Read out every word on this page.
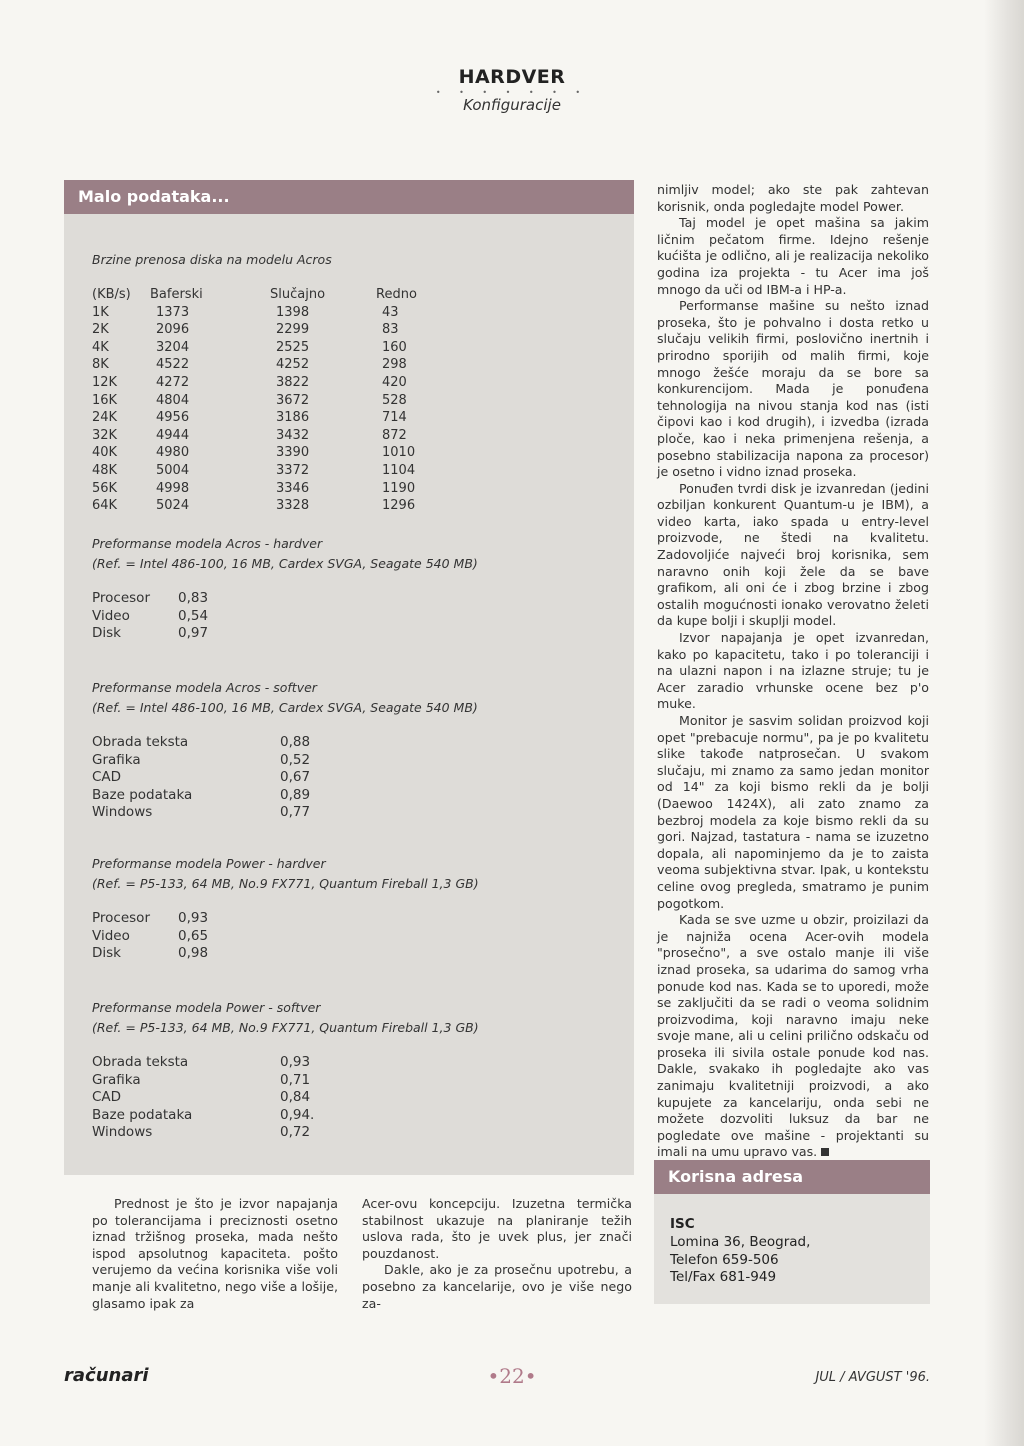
HARDVER
• • • • • • •
Konfiguracije
Malo podataka...
Brzine prenosa diska na modelu Acros
(KB/s) Baferski	Slučajno	Redno
1K	1373	1398	43
2K	2096	2299	83
4K	3204	2525	160
8K	4522	4252	298
12K	4272	3822	420
16K	4804	3672	528
24K	4956	3186	714
32K	4944	3432	872
40K	4980	3390	1010
48K	5004	3372	1104
56K	4998	3346	1190
64K	5024	3328	1296
Preformanse modela Acros - hardver
(Ref. = Intel 486-100, 16 MB, Cardex SVGA, Seagate 540 MB)
Procesor 0,83
Video	0,54
Disk	0,97
Preformanse modela Acros - softver
(Ref. = Intel 486-100, 16 MB, Cardex SVGA, Seagate 540 MB)
Obrada teksta	0,88
Grafika	0,52
CAD	0,67
Baze podataka	0,89
Windows	0,77
Preformanse modela Power - hardver
(Ref. = P5-133, 64 MB, No.9 FX771, Quantum Fireball 1,3 GB)
Procesor 0,93
Video	0,65
Disk	0,98
Preformanse modela Power - softver
(Ref. = P5-133, 64 MB, No.9 FX771, Quantum Fireball 1,3 GB)
Obrada teksta	0,93
Grafika	0,71
CAD	0,84
Baze podataka	0,94.
Windows	0,72

nimljiv model; ako ste pak zahtevan korisnik, onda pogledajte model Power.

Taj model je opet mašina sa jakim ličnim pečatom firme. Idejno rešenje kućišta je odlično, ali je realizacija nekoliko godina iza projekta - tu Acer ima još mnogo da uči od IBM-a i HP-a.

Performanse mašine su nešto iznad proseka, što je pohvalno i dosta retko u slučaju velikih firmi, poslovično inertnih i prirodno sporijih od malih firmi, koje mnogo žešće moraju da se bore sa konkurencijom. Mada je ponuđena tehnologija na nivou stanja kod nas (isti čipovi kao i kod drugih), i izvedba (izrada ploče, kao i neka primenjena rešenja, a posebno stabilizacija napona za procesor) je osetno i vidno iznad proseka.

Ponuđen tvrdi disk je izvanredan (jedini ozbiljan konkurent Quantum-u je IBM), a video karta, iako spada u entry-level proizvode, ne štedi na kvalitetu. Zadovoljiće najveći broj korisnika, sem naravno onih koji žele da se bave grafikom, ali oni će i zbog brzine i zbog ostalih mogućnosti ionako verovatno želeti da kupe bolji i skuplji model.

Izvor napajanja je opet izvanredan, kako po kapacitetu, tako i po toleranciji i na ulazni napon i na izlazne struje; tu je Acer zaradio vrhunske ocene bez p'o muke.

Monitor je sasvim solidan proizvod koji opet "prebacuje normu", pa je po kvalitetu slike takođe natprosečan. U svakom slučaju, mi znamo za samo jedan monitor od 14" za koji bismo rekli da je bolji (Daewoo 1424X), ali zato znamo za bezbroj modela za koje bismo rekli da su gori. Najzad, tastatura - nama se izuzetno dopala, ali napominjemo da je to zaista veoma subjektivna stvar. Ipak, u kontekstu celine ovog pregleda, smatramo je punim pogotkom.

Kada se sve uzme u obzir, proizilazi da je najniža ocena Acer-ovih modela "prosečno", a sve ostalo manje ili više iznad proseka, sa udarima do samog vrha ponude kod nas. Kada se to uporedi, može se zaključiti da se radi o veoma solidnim proizvodima, koji naravno imaju neke svoje mane, ali u celini prilično odskaču od proseka ili sivila ostale ponude kod nas. Dakle, svakako ih pogledajte ako vas zanimaju kvalitetniji proizvodi, a ako kupujete za kancelariju, onda sebi ne možete dozvoliti luksuz da bar ne pogledate ove mašine - projektanti su imali na umu upravo vas.

Korisna adresa
ISC
Lomina 36, Beograd,
Telefon 659-506
Tel/Fax 681-949

Prednost je što je izvor napajanja po tolerancijama i preciznosti osetno iznad tržišnog proseka, mada nešto ispod apsolutnog kapaciteta. pošto verujemo da većina korisnika više voli manje ali kvalitetno, nego više a lošije, glasamo ipak za

Acer-ovu koncepciju. Izuzetna termička stabilnost ukazuje na planiranje težih uslova rada, što je uvek plus, jer znači pouzdanost.

Dakle, ako je za prosečnu upotrebu, a posebno za kancelarije, ovo je više nego za-

računari	•22•	JUL / AVGUST '96.
